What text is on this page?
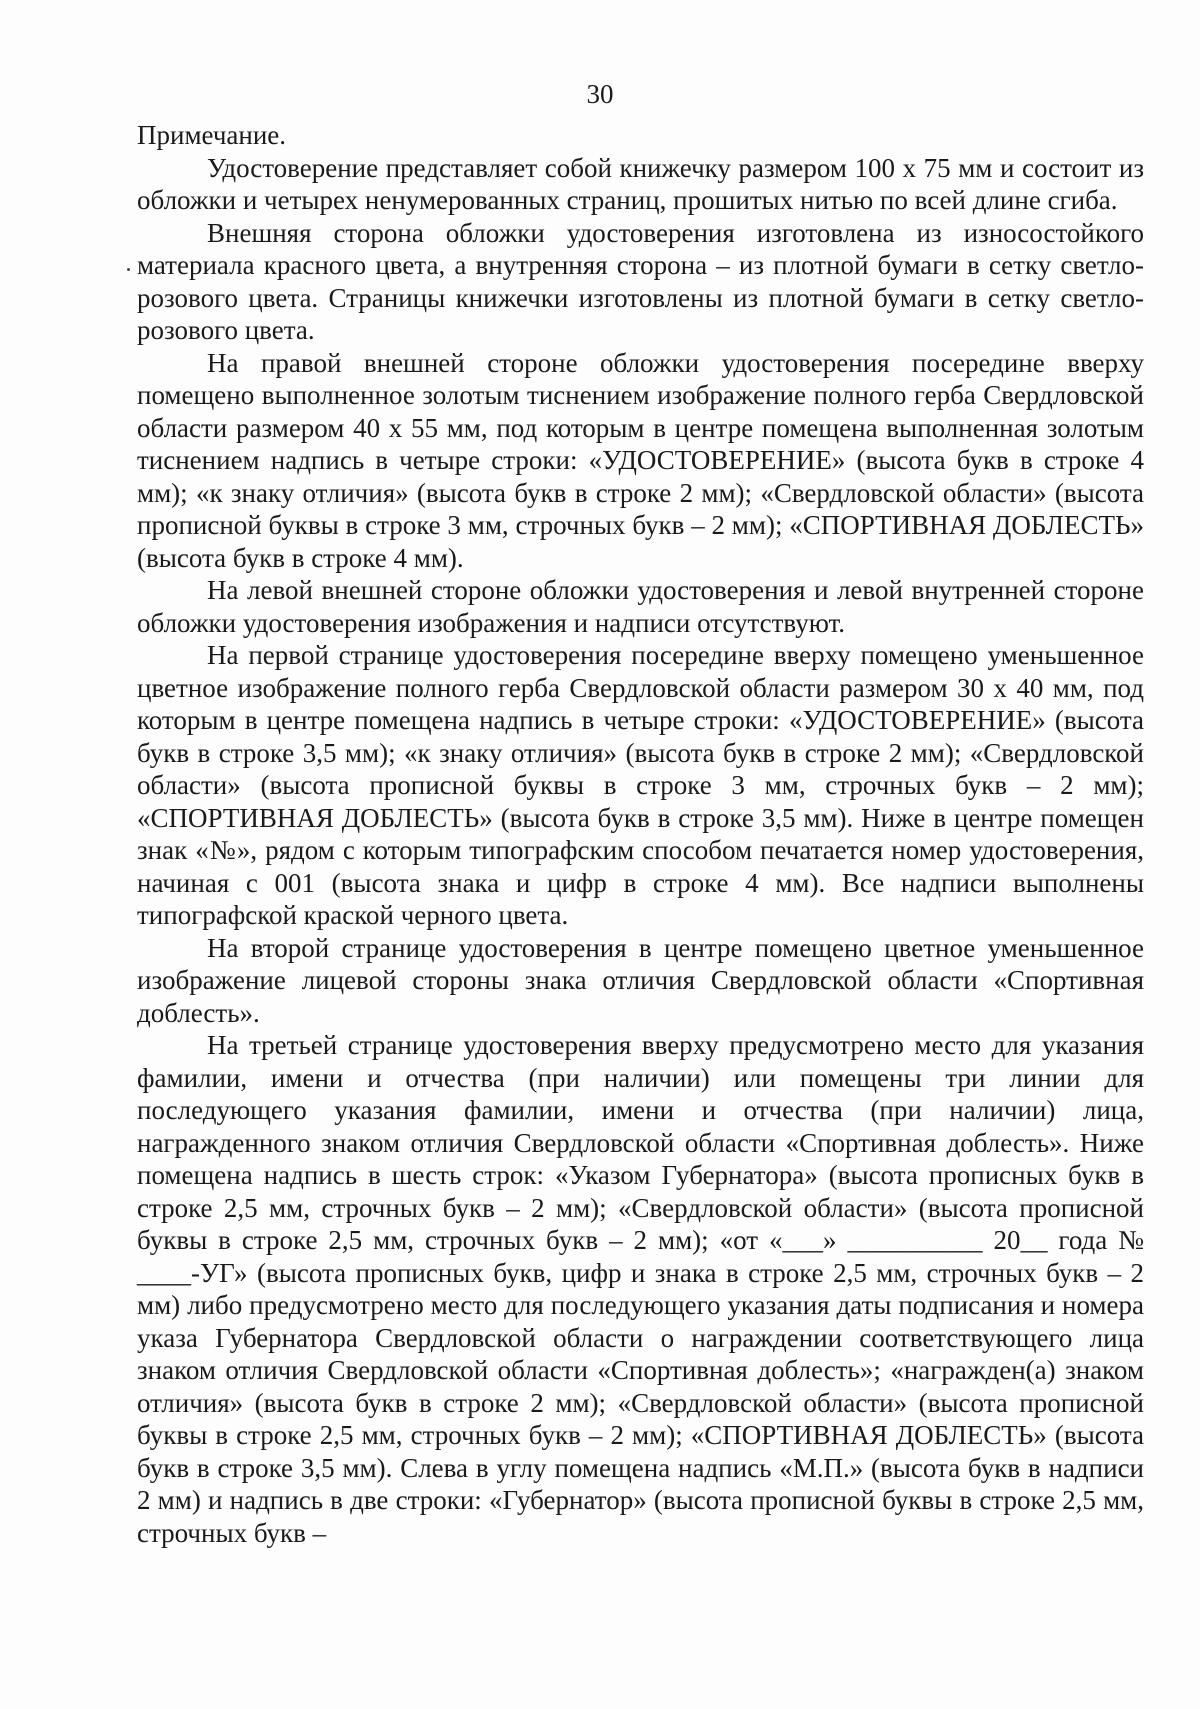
30

Примечание.

Удостоверение представляет собой книжечку размером 100 x 75 мм и состоит из обложки и четырех ненумерованных страниц, прошитых нитью по всей длине сгиба.

Внешняя сторона обложки удостоверения изготовлена из износостойкого материала красного цвета, а внутренняя сторона – из плотной бумаги в сетку светло-розового цвета. Страницы книжечки изготовлены из плотной бумаги в сетку светло-розового цвета.

На правой внешней стороне обложки удостоверения посередине вверху помещено выполненное золотым тиснением изображение полного герба Свердловской области размером 40 x 55 мм, под которым в центре помещена выполненная золотым тиснением надпись в четыре строки: «УДОСТОВЕРЕНИЕ» (высота букв в строке 4 мм); «к знаку отличия» (высота букв в строке 2 мм); «Свердловской области» (высота прописной буквы в строке 3 мм, строчных букв – 2 мм); «СПОРТИВНАЯ ДОБЛЕСТЬ» (высота букв в строке 4 мм).

На левой внешней стороне обложки удостоверения и левой внутренней стороне обложки удостоверения изображения и надписи отсутствуют.

На первой странице удостоверения посередине вверху помещено уменьшенное цветное изображение полного герба Свердловской области размером 30 x 40 мм, под которым в центре помещена надпись в четыре строки: «УДОСТОВЕРЕНИЕ» (высота букв в строке 3,5 мм); «к знаку отличия» (высота букв в строке 2 мм); «Свердловской области» (высота прописной буквы в строке 3 мм, строчных букв – 2 мм); «СПОРТИВНАЯ ДОБЛЕСТЬ» (высота букв в строке 3,5 мм). Ниже в центре помещен знак «№», рядом с которым типографским способом печатается номер удостоверения, начиная с 001 (высота знака и цифр в строке 4 мм). Все надписи выполнены типографской краской черного цвета.

На второй странице удостоверения в центре помещено цветное уменьшенное изображение лицевой стороны знака отличия Свердловской области «Спортивная доблесть».

На третьей странице удостоверения вверху предусмотрено место для указания фамилии, имени и отчества (при наличии) или помещены три линии для последующего указания фамилии, имени и отчества (при наличии) лица, награжденного знаком отличия Свердловской области «Спортивная доблесть». Ниже помещена надпись в шесть строк: «Указом Губернатора» (высота прописных букв в строке 2,5 мм, строчных букв – 2 мм); «Свердловской области» (высота прописной буквы в строке 2,5 мм, строчных букв – 2 мм); «от «___» __________ 20__ года № ____-УГ» (высота прописных букв, цифр и знака в строке 2,5 мм, строчных букв – 2 мм) либо предусмотрено место для последующего указания даты подписания и номера указа Губернатора Свердловской области о награждении соответствующего лица знаком отличия Свердловской области «Спортивная доблесть»; «награжден(а) знаком отличия» (высота букв в строке 2 мм); «Свердловской области» (высота прописной буквы в строке 2,5 мм, строчных букв – 2 мм); «СПОРТИВНАЯ ДОБЛЕСТЬ» (высота букв в строке 3,5 мм). Слева в углу помещена надпись «М.П.» (высота букв в надписи 2 мм) и надпись в две строки: «Губернатор» (высота прописной буквы в строке 2,5 мм, строчных букв –
